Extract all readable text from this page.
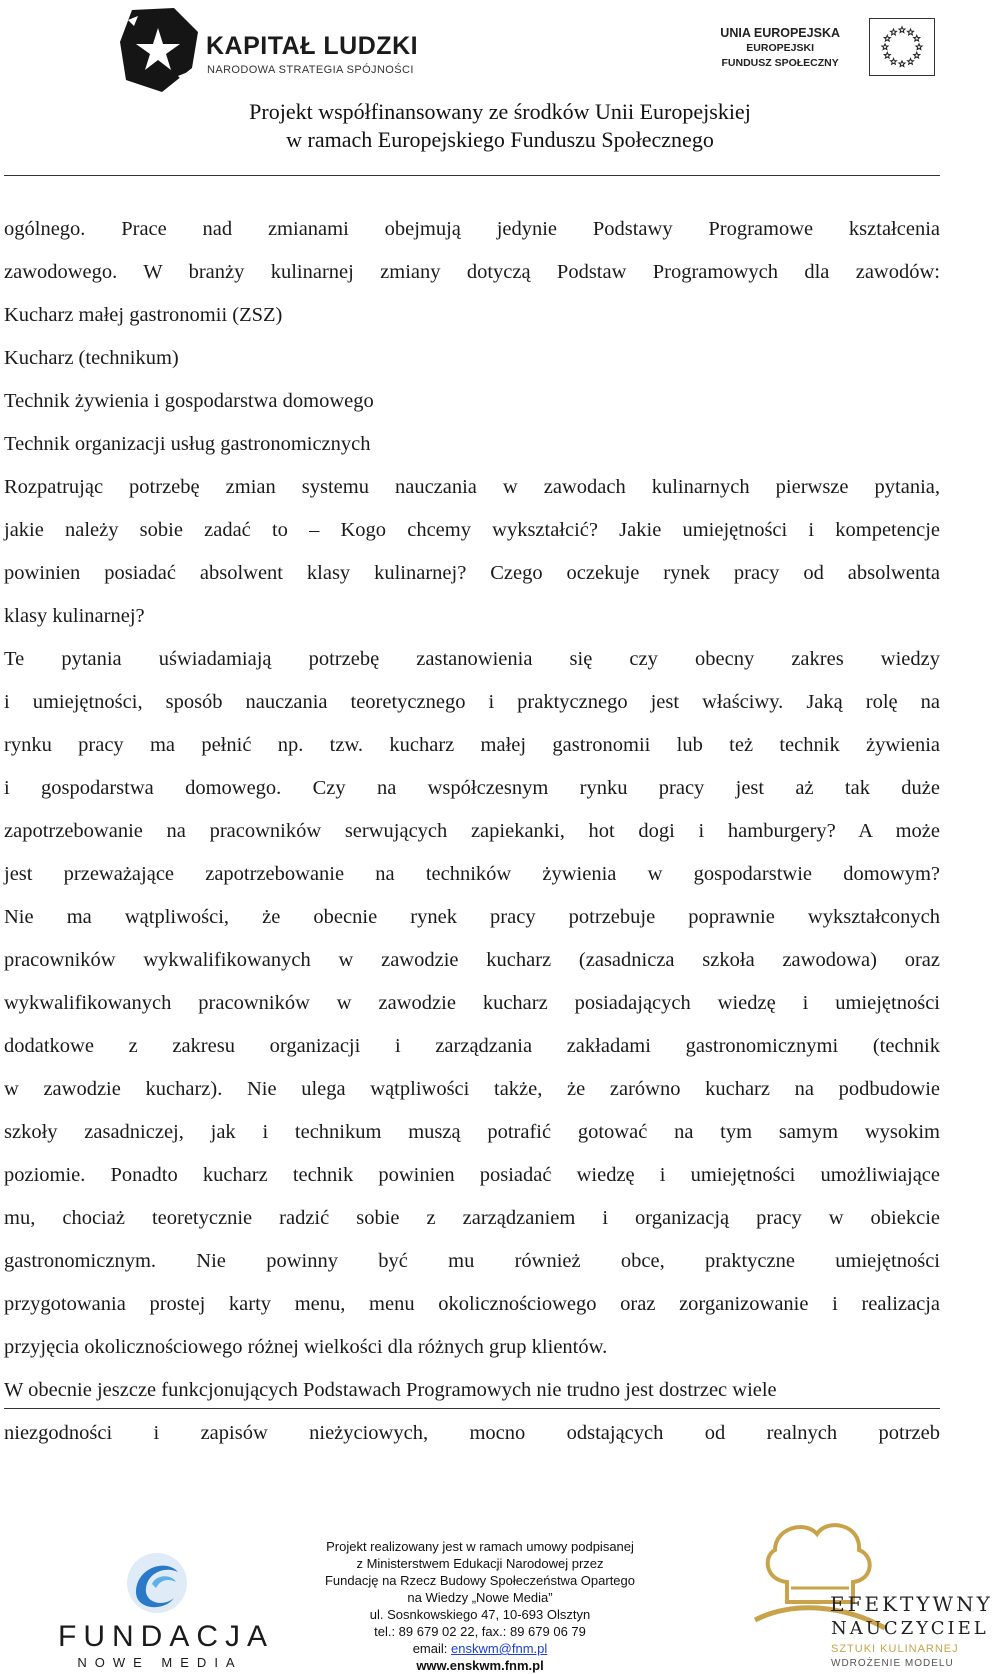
KAPITAŁ LUDZKI
NARODOWA STRATEGIA SPÓJNOŚCI
UNIA EUROPEJSKA
EUROPEJSKI
FUNDUSZ SPOŁECZNY
Projekt współfinansowany ze środków Unii Europejskiej
w ramach Europejskiego Funduszu Społecznego
ogólnego. Prace nad zmianami obejmują jedynie Podstawy Programowe kształcenia
zawodowego. W branży kulinarnej zmiany dotyczą Podstaw Programowych dla zawodów:
Kucharz małej gastronomii (ZSZ)
Kucharz (technikum)
Technik żywienia i gospodarstwa domowego
Technik organizacji usług gastronomicznych
Rozpatrując potrzebę zmian systemu nauczania w zawodach kulinarnych pierwsze pytania,
jakie należy sobie zadać to – Kogo chcemy wykształcić? Jakie umiejętności i kompetencje
powinien posiadać absolwent klasy kulinarnej? Czego oczekuje rynek pracy od absolwenta
klasy kulinarnej?
Te pytania uświadamiają potrzebę zastanowienia się czy obecny zakres wiedzy
i umiejętności, sposób nauczania teoretycznego i praktycznego jest właściwy. Jaką rolę na
rynku pracy ma pełnić np. tzw. kucharz małej gastronomii lub też technik żywienia
i gospodarstwa domowego. Czy na współczesnym rynku pracy jest aż tak duże
zapotrzebowanie na pracowników serwujących zapiekanki, hot dogi i hamburgery? A może
jest przeważające zapotrzebowanie na techników żywienia w gospodarstwie domowym?
Nie ma wątpliwości, że obecnie rynek pracy potrzebuje poprawnie wykształconych
pracowników wykwalifikowanych w zawodzie kucharz (zasadnicza szkoła zawodowa) oraz
wykwalifikowanych pracowników w zawodzie kucharz posiadających wiedzę i umiejętności
dodatkowe z zakresu organizacji i zarządzania zakładami gastronomicznymi (technik
w zawodzie kucharz). Nie ulega wątpliwości także, że zarówno kucharz na podbudowie
szkoły zasadniczej, jak i technikum muszą potrafić gotować na tym samym wysokim
poziomie. Ponadto kucharz technik powinien posiadać wiedzę i umiejętności umożliwiające
mu, chociaż teoretycznie radzić sobie z zarządzaniem i organizacją pracy w obiekcie
gastronomicznym. Nie powinny być mu również obce, praktyczne umiejętności
przygotowania prostej karty menu, menu okolicznościowego oraz zorganizowanie i realizacja
przyjęcia okolicznościowego różnej wielkości dla różnych grup klientów.
W obecnie jeszcze funkcjonujących Podstawach Programowych nie trudno jest dostrzec wiele
niezgodności i zapisów nieżyciowych, mocno odstających od realnych potrzeb
FUNDACJA
NOWE MEDIA
Projekt realizowany jest w ramach umowy podpisanej
z Ministerstwem Edukacji Narodowej przez
Fundację na Rzecz Budowy Społeczeństwa Opartego
na Wiedzy „Nowe Media”
ul. Sosnkowskiego 47, 10-693 Olsztyn
tel.: 89 679 02 22, fax.: 89 679 06 79
email: enskwm@fnm.pl
www.enskwm.fnm.pl
EFEKTYWNY
NAUCZYCIEL
SZTUKI KULINARNEJ
WDROŻENIE MODELU
